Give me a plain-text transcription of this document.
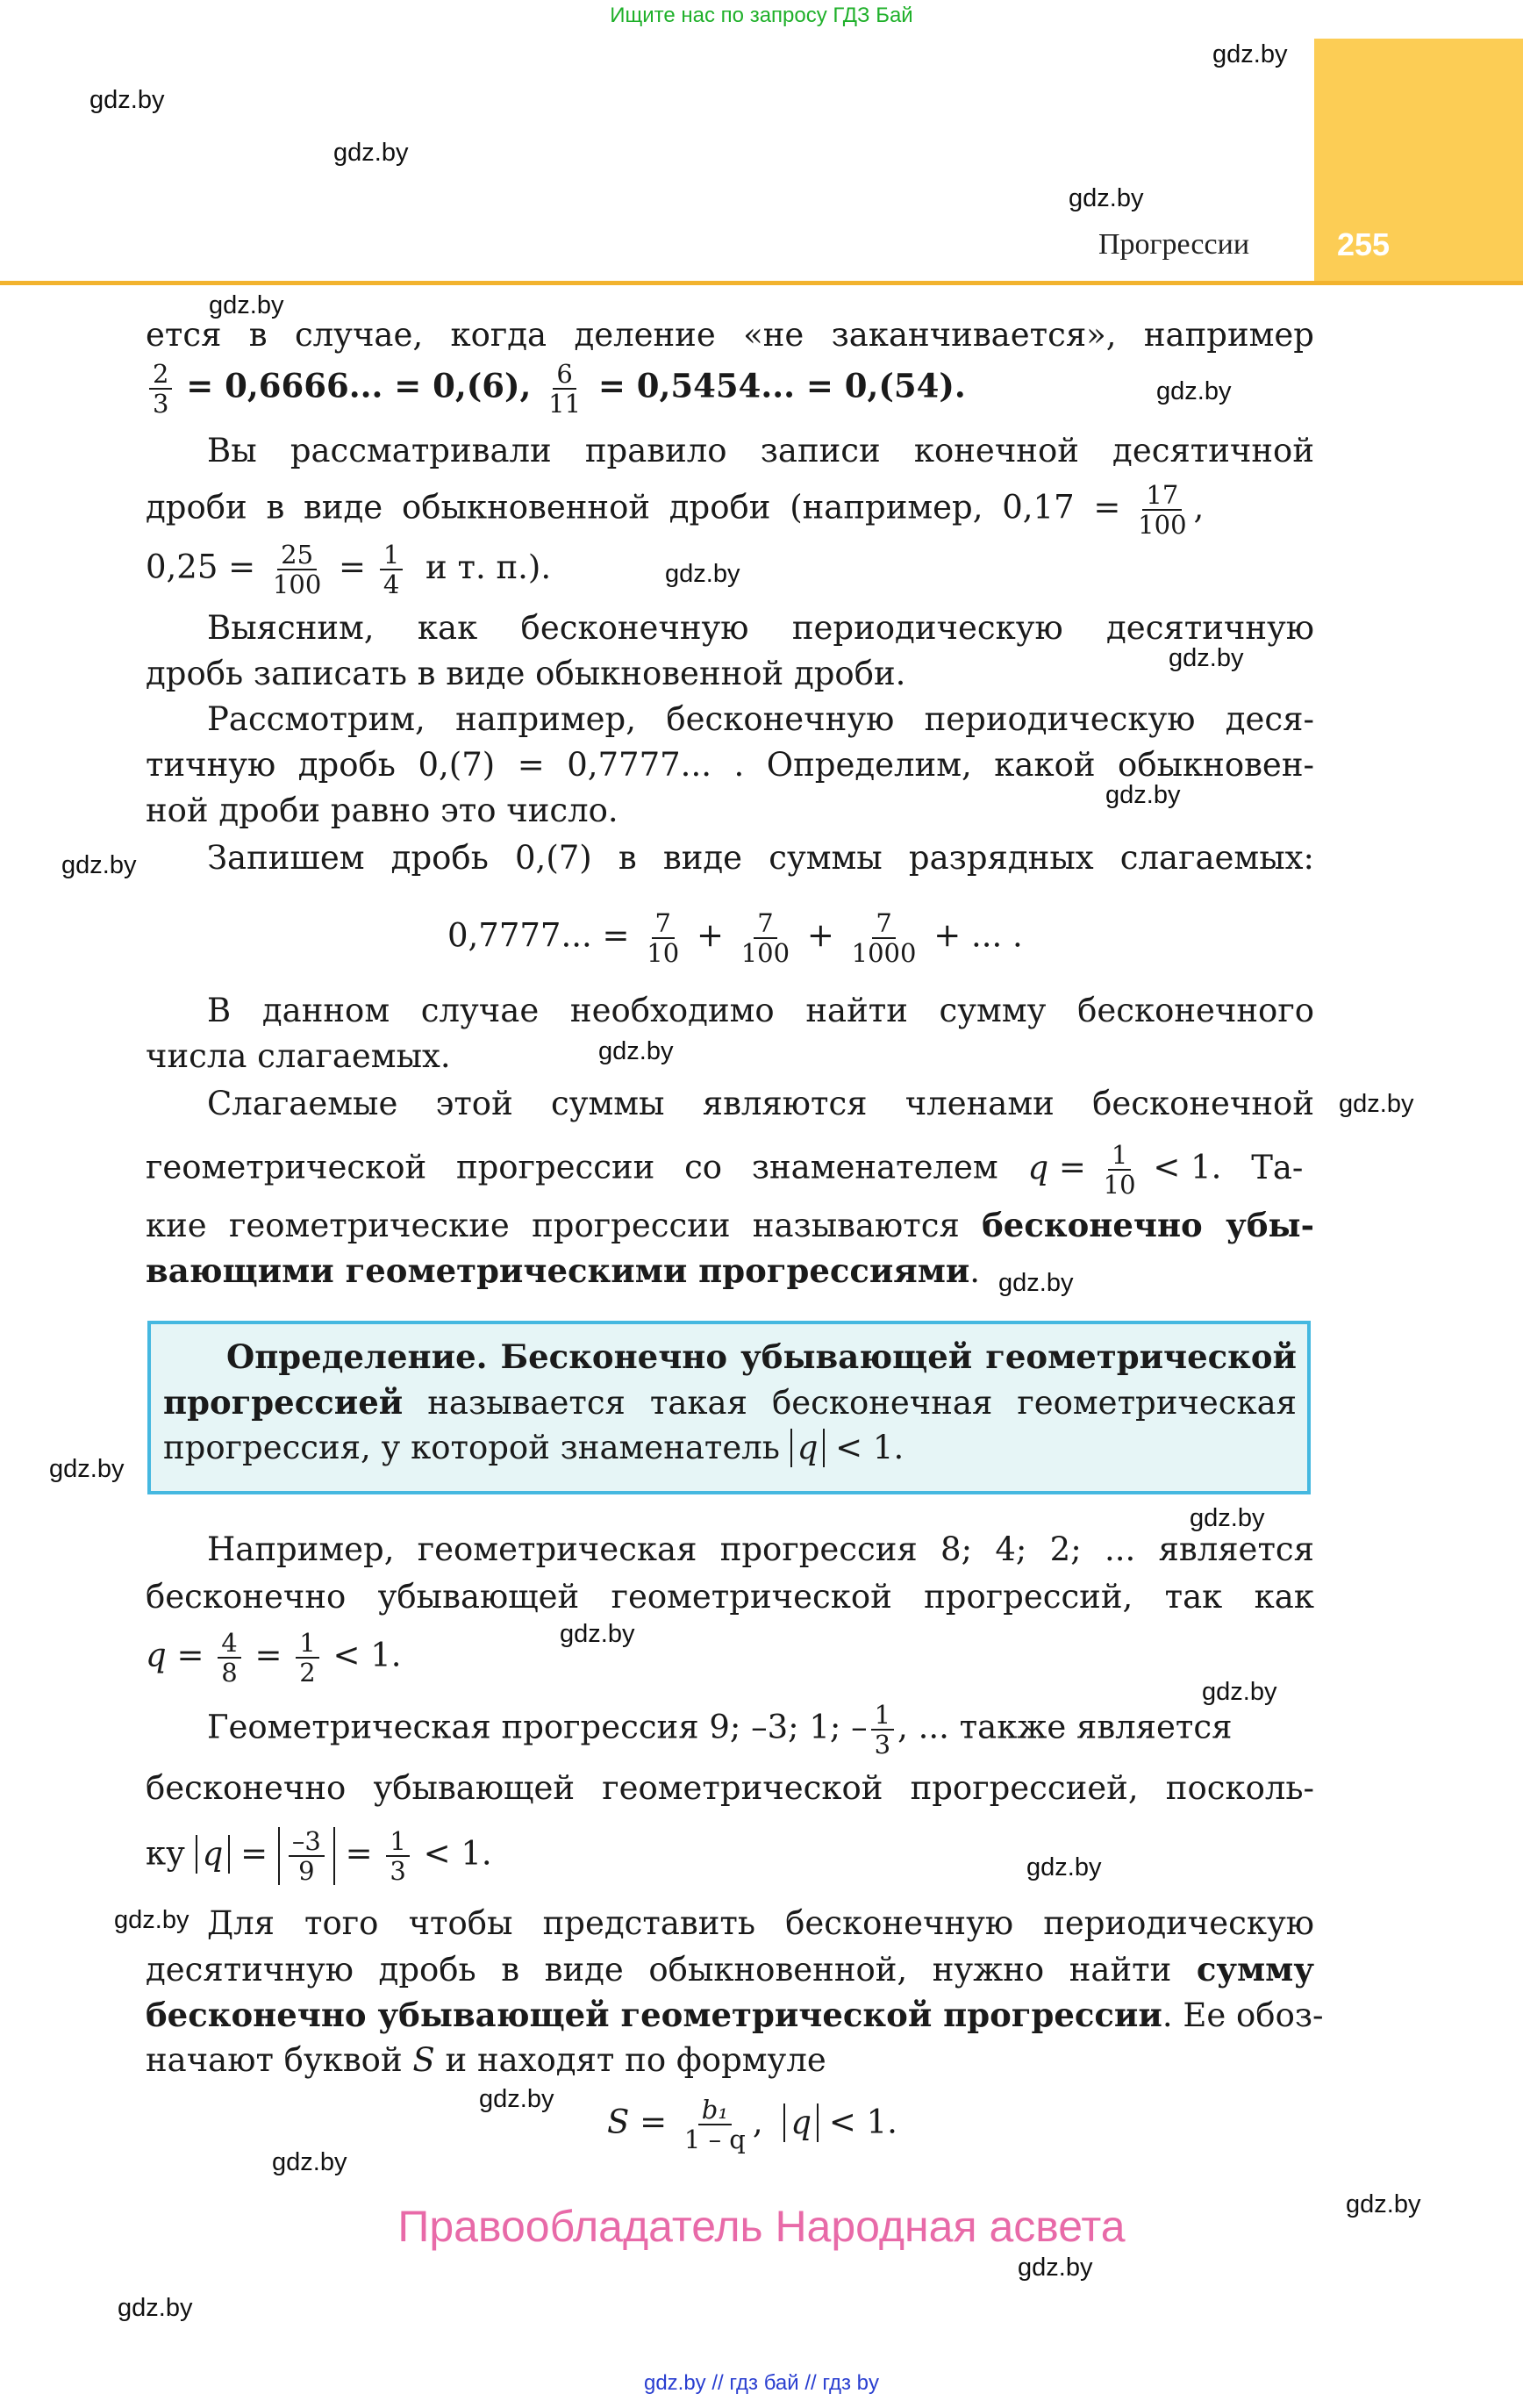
Ищите нас по запросу ГДЗ Бай
255
Прогрессии
gdz.by
gdz.by
gdz.by
gdz.by
gdz.by
gdz.by
gdz.by
gdz.by
gdz.by
gdz.by
gdz.by
gdz.by
gdz.by
gdz.by
gdz.by
gdz.by
gdz.by
gdz.by
gdz.by
gdz.by
gdz.by
gdz.by
gdz.by
gdz.by
ется в случае, когда деление «не заканчивается», например
$\frac{2}{3} = 0,6666$... = 0,(6), $\frac{6}{11} = 0,5454$... = 0,(54).
Вы рассматривали правило записи конечной десятичной
дроби в виде обыкновенной дроби (например, $0,17 = \frac{17}{100}$ ,
$0,25 = \frac{25}{100} = \frac{1}{4}$ и т. п.).
Выясним, как бесконечную периодическую десятичную
дробь записать в виде обыкновенной дроби.
Рассмотрим, например, бесконечную периодическую деся-
тичную дробь 0,(7) = 0,7777... . Определим, какой обыкновен-
ной дроби равно это число.
Запишем дробь 0,(7) в виде суммы разрядных слагаемых:
0,7777... = $\frac{7}{10} + \frac{7}{100} + \frac{7}{1000}$ + ... .
В данном случае необходимо найти сумму бесконечного
числа слагаемых.
Слагаемые этой суммы являются членами бесконечной
геометрической прогрессии со знаменателем $q = \frac{1}{10} < 1$. Та-
кие геометрические прогрессии называются бесконечно убы-
вающими геометрическими прогрессиями.
Определение. Бесконечно убывающей геометрической
прогрессией называется такая бесконечная геометрическая
прогрессия, у которой знаменатель q < 1.
Например, геометрическая прогрессия 8; 4; 2; ... является
бесконечно убывающей геометрической прогрессий, так как
$q = \frac{4}{8} = \frac{1}{2} < 1$.
Геометрическая прогрессия 9; –3; 1; – $\frac{1}{3}$ , ... также является
бесконечно убывающей геометрической прогрессией, посколь-
ку $q = \frac{-3}{9} = \frac{1}{3} < 1$.
Для того чтобы представить бесконечную периодическую
десятичную дробь в виде обыкновенной, нужно найти сумму
бесконечно убывающей геометрической прогрессии. Ее обоз-
начают буквой S и находят по формуле
$S = \frac{\text{b₁}}{1 - q}$ , q < 1.
Правообладатель Народная асвета
gdz.by // гдз бай // гдз by
